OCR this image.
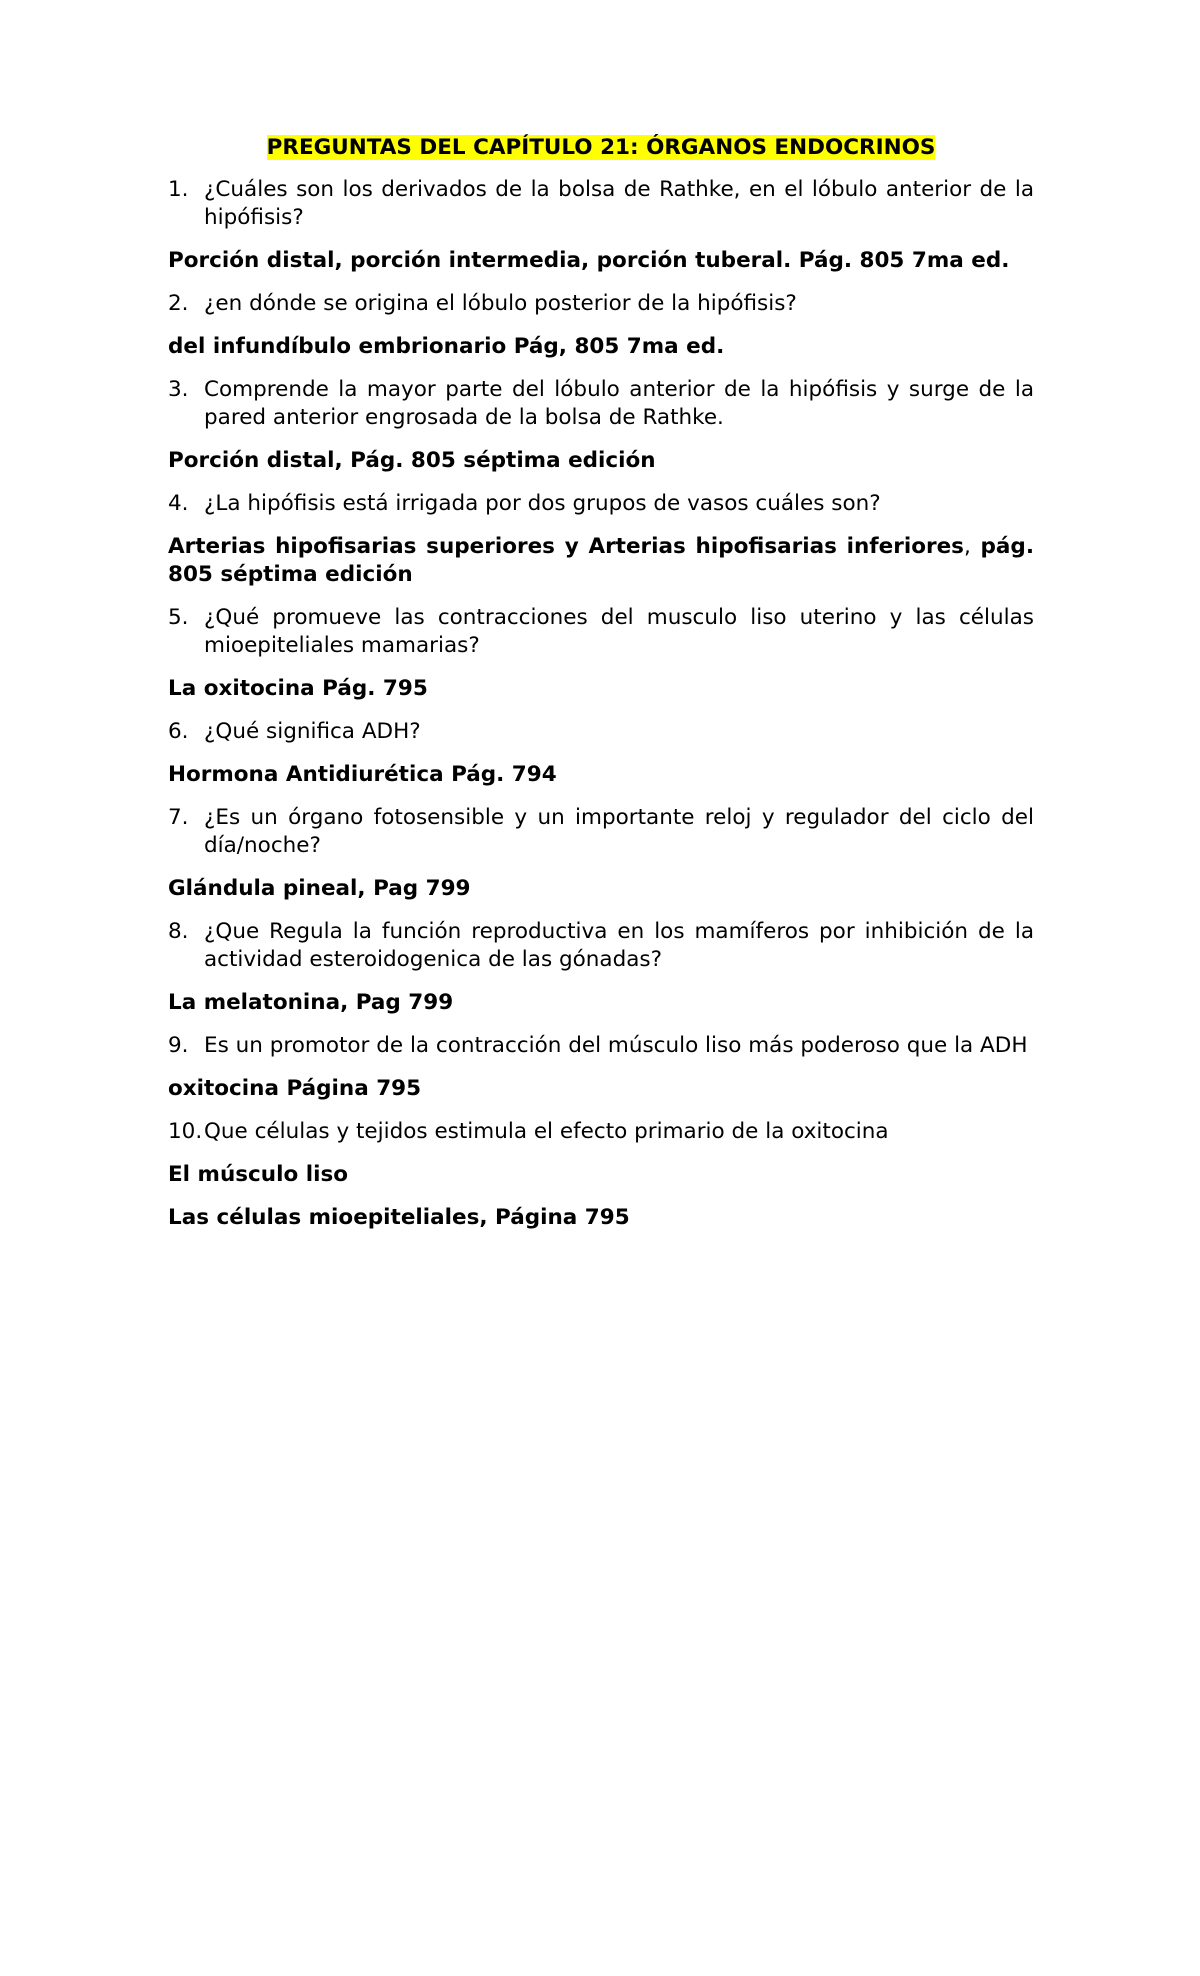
PREGUNTAS DEL CAPÍTULO 21: ÓRGANOS ENDOCRINOS
1. ¿Cuáles son los derivados de la bolsa de Rathke, en el lóbulo anterior de la hipófisis?
Porción distal, porción intermedia, porción tuberal. Pág. 805 7ma ed.
2. ¿en dónde se origina el lóbulo posterior de la hipófisis?
del infundíbulo embrionario Pág, 805 7ma ed.
3. Comprende la mayor parte del lóbulo anterior de la hipófisis y surge de la pared anterior engrosada de la bolsa de Rathke.
Porción distal, Pág. 805 séptima edición
4. ¿La hipófisis está irrigada por dos grupos de vasos cuáles son?
Arterias hipofisarias superiores y Arterias hipofisarias inferiores, pág. 805 séptima edición
5. ¿Qué promueve las contracciones del musculo liso uterino y las células mioepiteliales mamarias?
La oxitocina Pág. 795
6. ¿Qué significa ADH?
Hormona Antidiurética Pág. 794
7. ¿Es un órgano fotosensible y un importante reloj y regulador del ciclo del día/noche?
Glándula pineal, Pag 799
8. ¿Que Regula la función reproductiva en los mamíferos por inhibición de la actividad esteroidogenica de las gónadas?
La melatonina, Pag 799
9. Es un promotor de la contracción del músculo liso más poderoso que la ADH
oxitocina Página 795
10. Que células y tejidos estimula el efecto primario de la oxitocina
El músculo liso
Las células mioepiteliales, Página 795
